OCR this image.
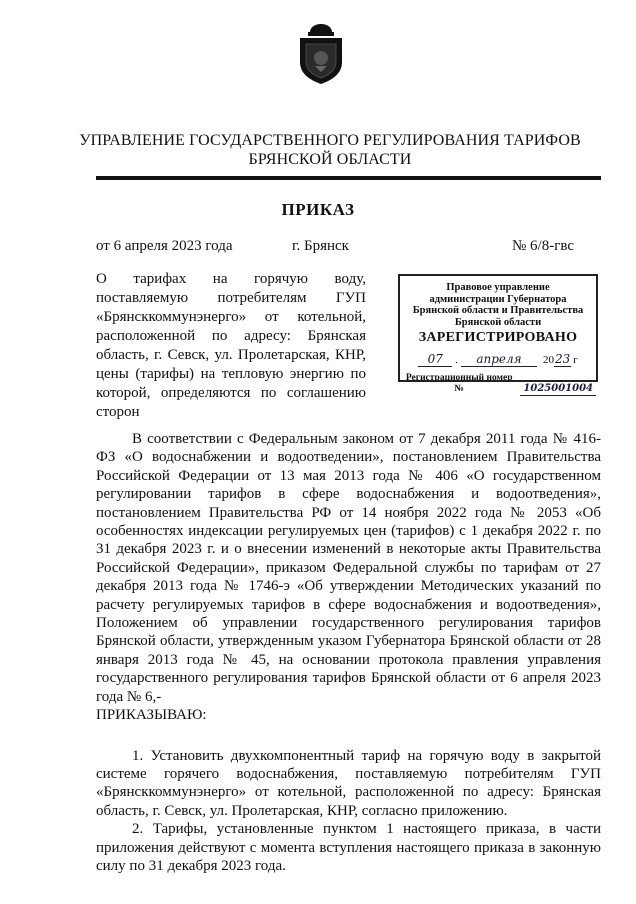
УПРАВЛЕНИЕ ГОСУДАРСТВЕННОГО РЕГУЛИРОВАНИЯ ТАРИФОВ
БРЯНСКОЙ ОБЛАСТИ
ПРИКАЗ
от 6 апреля 2023 года	г. Брянск	№ 6/8-гвс
О тарифах на горячую воду, поставляемую потребителям ГУП «Брянсккоммунэнерго» от котельной, расположенной по адресу: Брянская область, г. Севск, ул. Пролетарская, КНР, цены (тарифы) на тепловую энергию по которой, определяются по соглашению сторон
Правовое управление
администрации Губернатора
Брянской области и Правительства
Брянской области
ЗАРЕГИСТРИРОВАНО
07	.	апреля	20 23 г
Регистрационный номер №	1025001004

В соответствии с Федеральным законом от 7 декабря 2011 года № 416-ФЗ «О водоснабжении и водоотведении», постановлением Правительства Российской Федерации от 13 мая 2013 года № 406 «О государственном регулировании тарифов в сфере водоснабжения и водоотведения», постановлением Правительства РФ от 14 ноября 2022 года № 2053 «Об особенностях индексации регулируемых цен (тарифов) с 1 декабря 2022 г. по 31 декабря 2023 г. и о внесении изменений в некоторые акты Правительства Российской Федерации», приказом Федеральной службы по тарифам от 27 декабря 2013 года № 1746-э «Об утверждении Методических указаний по расчету регулируемых тарифов в сфере водоснабжения и водоотведения», Положением об управлении государственного регулирования тарифов Брянской области, утвержденным указом Губернатора Брянской области от 28 января 2013 года № 45, на основании протокола правления управления государственного регулирования тарифов Брянской области от 6 апреля 2023 года № 6,-

ПРИКАЗЫВАЮ:

1. Установить двухкомпонентный тариф на горячую воду в закрытой системе горячего водоснабжения, поставляемую потребителям ГУП «Брянсккоммунэнерго» от котельной, расположенной по адресу: Брянская область, г. Севск, ул. Пролетарская, КНР, согласно приложению.

2. Тарифы, установленные пунктом 1 настоящего приказа, в части приложения действуют с момента вступления настоящего приказа в законную силу по 31 декабря 2023 года.
